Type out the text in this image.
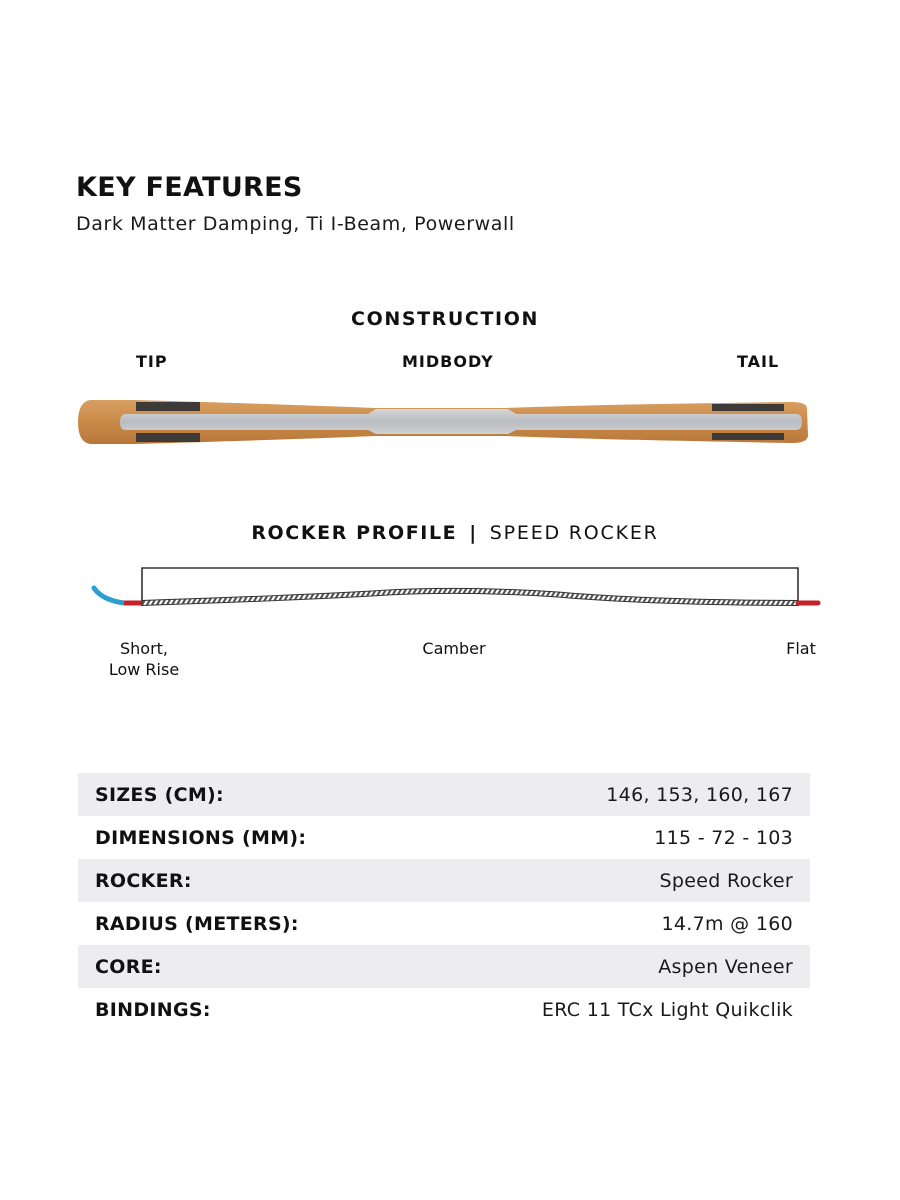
KEY FEATURES
Dark Matter Damping, Ti I-Beam, Powerwall
CONSTRUCTION
TIP	MIDBODY	TAIL
ROCKER PROFILE | SPEED ROCKER
Short,
Low Rise
Camber	Flat
SIZES (CM):	146, 153, 160, 167
DIMENSIONS (MM):	115 - 72 - 103
ROCKER:	Speed Rocker
RADIUS (METERS):	14.7m @ 160
CORE:	Aspen Veneer
BINDINGS:	ERC 11 TCx Light Quikclik
